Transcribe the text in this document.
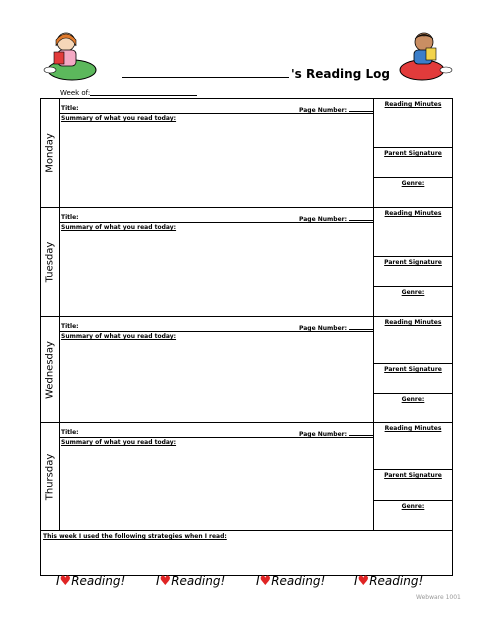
's Reading Log
Week of:
Monday
Title:	Page Number:
Summary of what you read today:
Reading Minutes
Parent Signature
Genre:
Tuesday
Title:	Page Number:
Summary of what you read today:
Reading Minutes
Parent Signature
Genre:
Wednesday
Title:	Page Number:
Summary of what you read today:
Reading Minutes
Parent Signature
Genre:
Thursday
Title:	Page Number:
Summary of what you read today:
Reading Minutes
Parent Signature
Genre:
This week I used the following strategies when I read:
I♥Reading!	I♥Reading!	I♥Reading! I♥Reading!
Webware 1001
